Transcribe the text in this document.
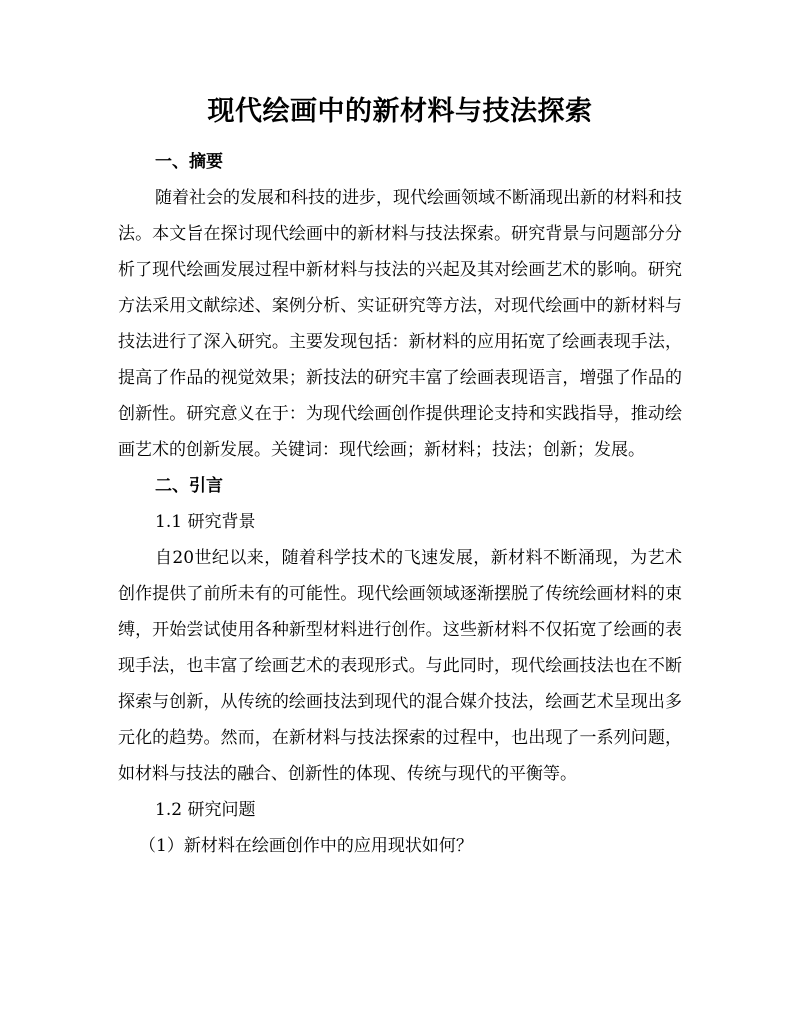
现代绘画中的新材料与技法探索
一、摘要

随着社会的发展和科技的进步，现代绘画领域不断涌现出新的材料和技法。本文旨在探讨现代绘画中的新材料与技法探索。研究背景与问题部分分析了现代绘画发展过程中新材料与技法的兴起及其对绘画艺术的影响。研究方法采用文献综述、案例分析、实证研究等方法，对现代绘画中的新材料与技法进行了深入研究。主要发现包括：新材料的应用拓宽了绘画表现手法，提高了作品的视觉效果；新技法的研究丰富了绘画表现语言，增强了作品的创新性。研究意义在于：为现代绘画创作提供理论支持和实践指导，推动绘画艺术的创新发展。关键词：现代绘画；新材料；技法；创新；发展。

二、引言

1.1 研究背景

自20世纪以来，随着科学技术的飞速发展，新材料不断涌现，为艺术创作提供了前所未有的可能性。现代绘画领域逐渐摆脱了传统绘画材料的束缚，开始尝试使用各种新型材料进行创作。这些新材料不仅拓宽了绘画的表现手法，也丰富了绘画艺术的表现形式。与此同时，现代绘画技法也在不断探索与创新，从传统的绘画技法到现代的混合媒介技法，绘画艺术呈现出多元化的趋势。然而，在新材料与技法探索的过程中，也出现了一系列问题，如材料与技法的融合、创新性的体现、传统与现代的平衡等。

1.2 研究问题

（1）新材料在绘画创作中的应用现状如何？
